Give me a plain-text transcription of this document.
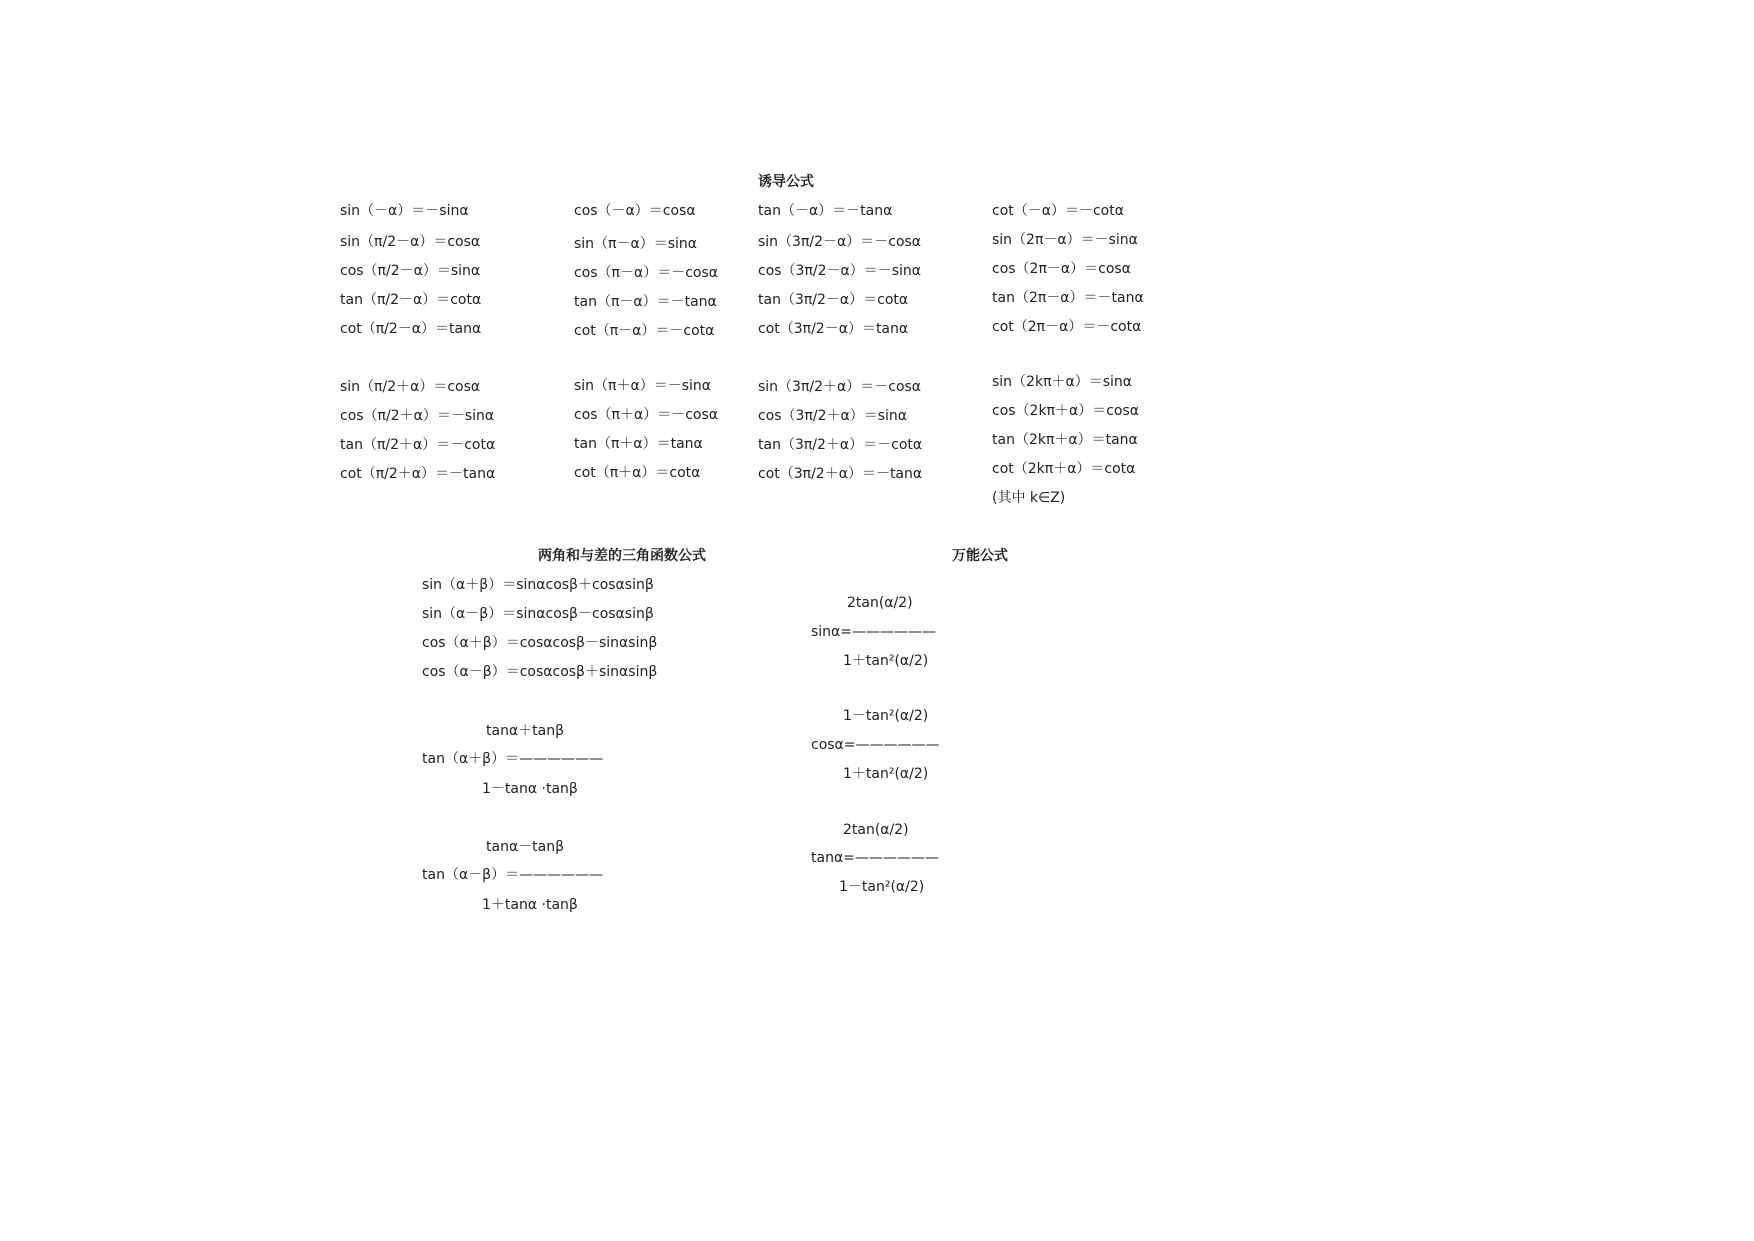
诱导公式
sin（－α）＝－sinα
sin（π/2－α）＝cosα
cos（π/2－α）＝sinα
tan（π/2－α）＝cotα
cot（π/2－α）＝tanα
sin（π/2＋α）＝cosα
cos（π/2＋α）＝－sinα
tan（π/2＋α）＝－cotα
cot（π/2＋α）＝－tanα
cos（－α）＝cosα
sin（π－α）＝sinα
cos（π－α）＝－cosα
tan（π－α）＝－tanα
cot（π－α）＝－cotα
sin（π＋α）＝－sinα
cos（π＋α）＝－cosα
tan（π＋α）＝tanα
cot（π＋α）＝cotα
tan（－α）＝－tanα
sin（3π/2－α）＝－cosα
cos（3π/2－α）＝－sinα
tan（3π/2－α）＝cotα
cot（3π/2－α）＝tanα
sin（3π/2＋α）＝－cosα
cos（3π/2＋α）＝sinα
tan（3π/2＋α）＝－cotα
cot（3π/2＋α）＝－tanα
cot（－α）＝－cotα
sin（2π－α）＝－sinα
cos（2π－α）＝cosα
tan（2π－α）＝－tanα
cot（2π－α）＝－cotα
sin（2kπ＋α）＝sinα
cos（2kπ＋α）＝cosα
tan（2kπ＋α）＝tanα
cot（2kπ＋α）＝cotα
(其中 k∈Z)
两角和与差的三角函数公式
sin（α＋β）＝sinαcosβ＋cosαsinβ
sin（α－β）＝sinαcosβ－cosαsinβ
cos（α＋β）＝cosαcosβ－sinαsinβ
cos（α－β）＝cosαcosβ＋sinαsinβ
tanα＋tanβ
tan（α＋β）＝——————
1－tanα ·tanβ
tanα－tanβ
tan（α－β）＝——————
1＋tanα ·tanβ
万能公式
2tan(α/2)
sinα=——————
1＋tan²(α/2)
1－tan²(α/2)
cosα=——————
1＋tan²(α/2)
2tan(α/2)
tanα=——————
1－tan²(α/2)
